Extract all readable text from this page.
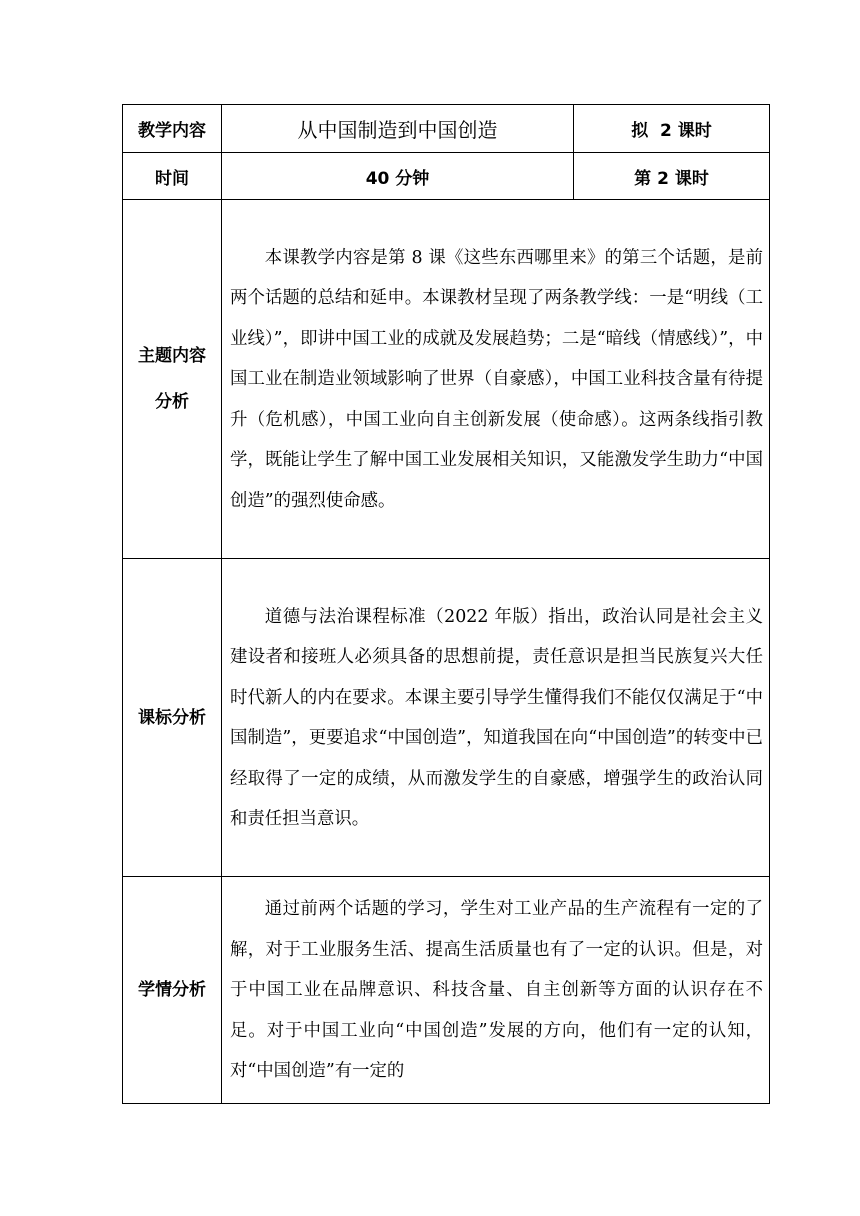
教学内容	从中国制造到中国创造	拟  2 课时
时间	40 分钟	第 2 课时

主题内容
分析	本课教学内容是第 8 课《这些东西哪里来》的第三个话题，是前两个话题的总结和延申。本课教材呈现了两条教学线：一是“明线（工业线）”，即讲中国工业的成就及发展趋势；二是“暗线（情感线）”，中国工业在制造业领域影响了世界（自豪感），中国工业科技含量有待提升（危机感），中国工业向自主创新发展（使命感）。这两条线指引教学，既能让学生了解中国工业发展相关知识，又能激发学生助力“中国创造”的强烈使命感。	

课标分析	道德与法治课程标准（2022 年版）指出，政治认同是社会主义建设者和接班人必须具备的思想前提，责任意识是担当民族复兴大任时代新人的内在要求。本课主要引导学生懂得我们不能仅仅满足于“中国制造”，更要追求“中国创造”，知道我国在向“中国创造”的转变中已经取得了一定的成绩，从而激发学生的自豪感，增强学生的政治认同和责任担当意识。	

学情分析	通过前两个话题的学习，学生对工业产品的生产流程有一定的了解，对于工业服务生活、提高生活质量也有了一定的认识。但是，对于中国工业在品牌意识、科技含量、自主创新等方面的认识存在不足。对于中国工业向“中国创造”发展的方向，他们有一定的认知，对“中国创造”有一定的	
